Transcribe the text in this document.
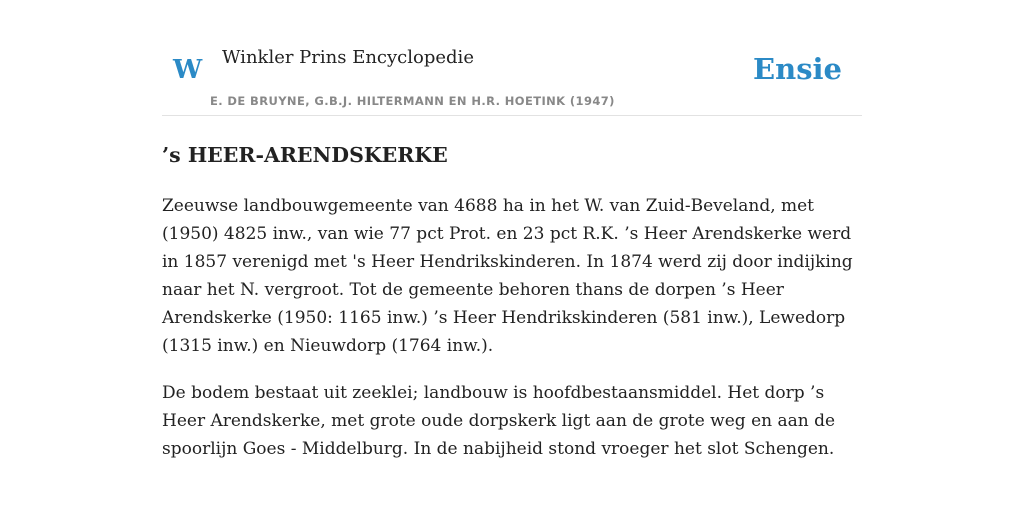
W Winkler Prins Encyclopedie	Ensie
E. DE BRUYNE, G.B.J. HILTERMANN EN H.R. HOETINK (1947)
’s HEER-ARENDSKERKE

Zeeuwse landbouwgemeente van 4688 ha in het W. van Zuid-Beveland, met (1950) 4825 inw., van wie 77 pct Prot. en 23 pct R.K. ’s Heer Arendskerke werd in 1857 verenigd met 's Heer Hendrikskinderen. In 1874 werd zij door indijking naar het N. vergroot. Tot de gemeente behoren thans de dorpen ’s Heer Arendskerke (1950: 1165 inw.) ’s Heer Hendrikskinderen (581 inw.), Lewedorp (1315 inw.) en Nieuwdorp (1764 inw.).

De bodem bestaat uit zeeklei; landbouw is hoofdbestaansmiddel. Het dorp ’s Heer Arendskerke, met grote oude dorpskerk ligt aan de grote weg en aan de spoorlijn Goes - Middelburg. In de nabijheid stond vroeger het slot Schengen.
